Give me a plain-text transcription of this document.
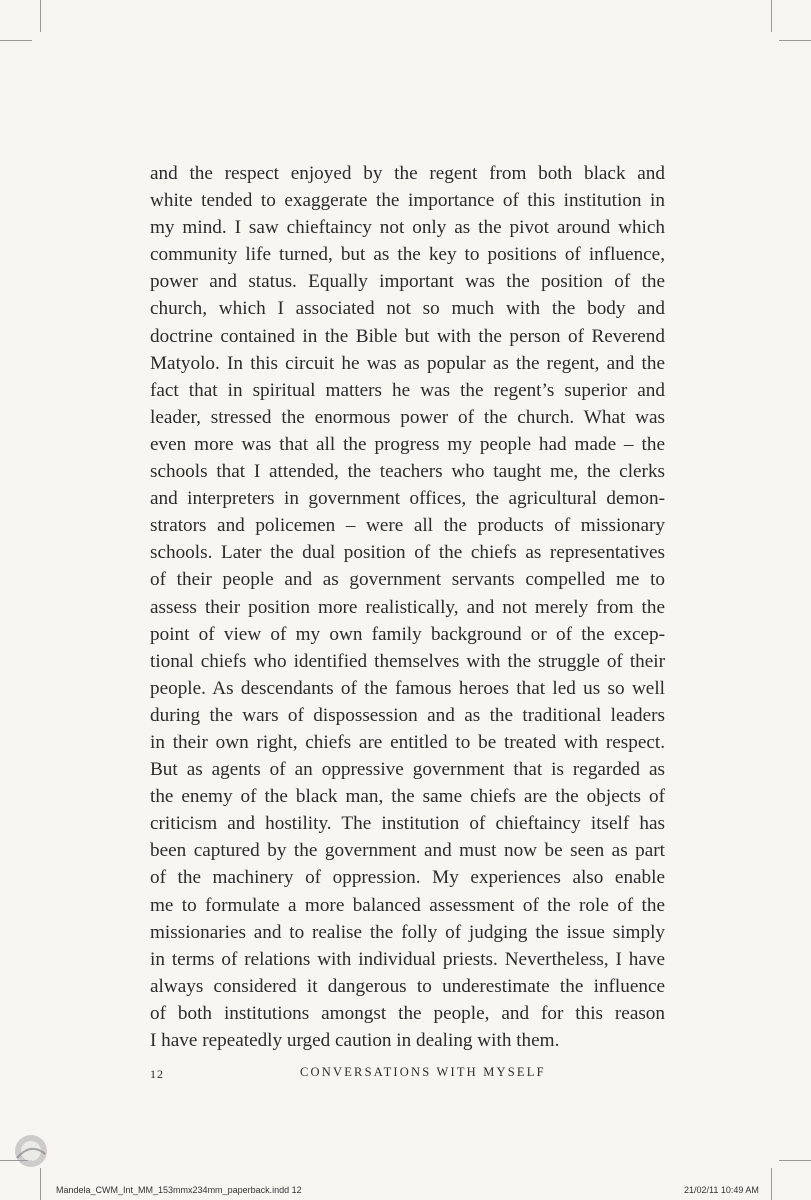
and the respect enjoyed by the regent from both black and
white tended to exaggerate the importance of this institution in
my mind. I saw chieftaincy not only as the pivot around which
community life turned, but as the key to positions of influence,
power and status. Equally important was the position of the
church, which I associated not so much with the body and
doctrine contained in the Bible but with the person of Reverend
Matyolo. In this circuit he was as popular as the regent, and the
fact that in spiritual matters he was the regent’s superior and
leader, stressed the enormous power of the church. What was
even more was that all the progress my people had made – the
schools that I attended, the teachers who taught me, the clerks
and interpreters in government offices, the agricultural demon-
strators and policemen – were all the products of missionary
schools. Later the dual position of the chiefs as representatives
of their people and as government servants compelled me to
assess their position more realistically, and not merely from the
point of view of my own family background or of the excep-
tional chiefs who identified themselves with the struggle of their
people. As descendants of the famous heroes that led us so well
during the wars of dispossession and as the traditional leaders
in their own right, chiefs are entitled to be treated with respect.
But as agents of an oppressive government that is regarded as
the enemy of the black man, the same chiefs are the objects of
criticism and hostility. The institution of chieftaincy itself has
been captured by the government and must now be seen as part
of the machinery of oppression. My experiences also enable
me to formulate a more balanced assessment of the role of the
missionaries and to realise the folly of judging the issue simply
in terms of relations with individual priests. Nevertheless, I have
always considered it dangerous to underestimate the influence
of both institutions amongst the people, and for this reason
I have repeatedly urged caution in dealing with them.
12	CONVERSATIONS WITH MYSELF
Mandela_CWM_Int_MM_153mmx234mm_paperback.indd 12	21/02/11 10:49 AM
